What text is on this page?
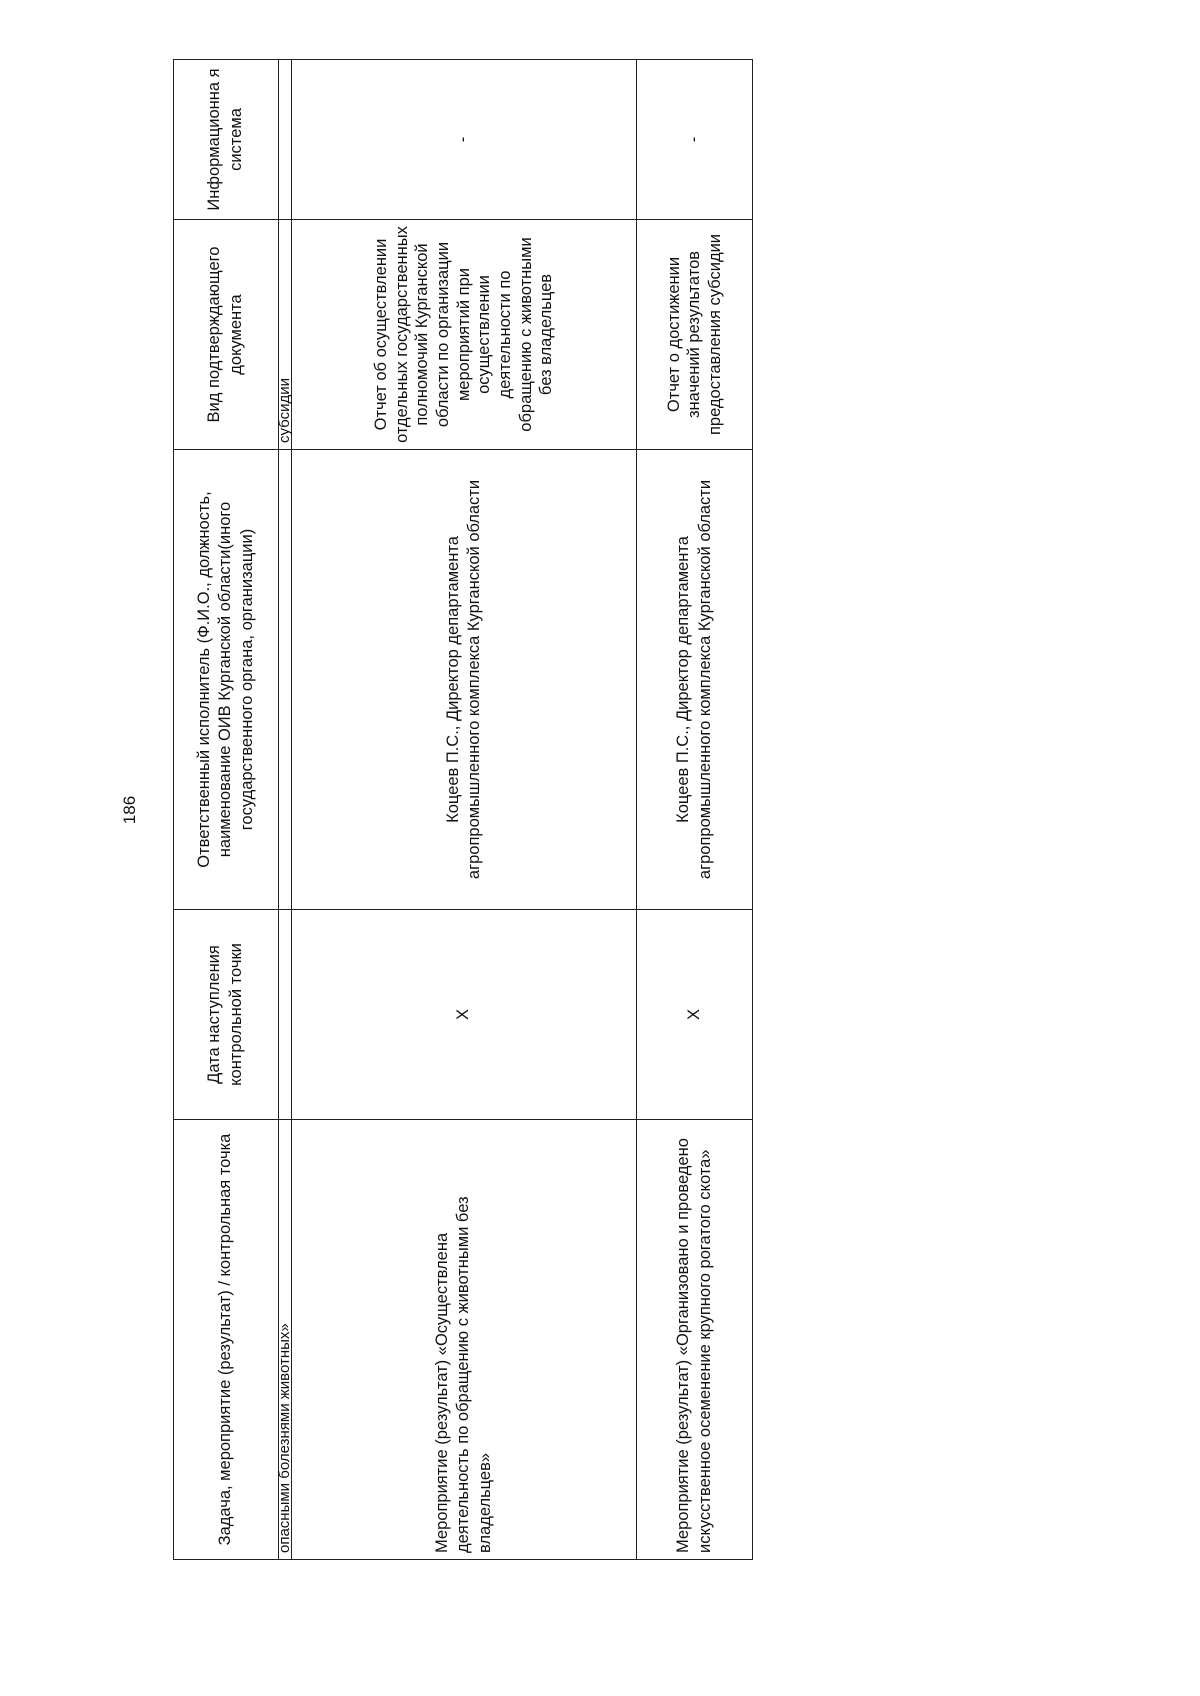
186
Задача, мероприятие (результат) / контрольная точка	Дата наступления контрольной точки	Ответственный исполнитель (Ф.И.О., должность, наименование ОИВ Курганской области(иного государственного органа, организации)	Вид подтверждающего документа	Информационна я система
опасными болезнями животных»			субсидии	
Мероприятие (результат) «Осуществлена деятельность по обращению с животными без владельцев»	Х	Коцеев П.С., Директор департамента агропромышленного комплекса Курганской области	Отчет об осуществлении отдельных государственных полномочий Курганской области по организации мероприятий при осуществлении деятельности по обращению с животными без владельцев	-
Мероприятие (результат) «Организовано и проведено искусственное осеменение крупного рогатого скота»	Х	Коцеев П.С., Директор департамента агропромышленного комплекса Курганской области	Отчет о достижении значений результатов предоставления субсидии	-
